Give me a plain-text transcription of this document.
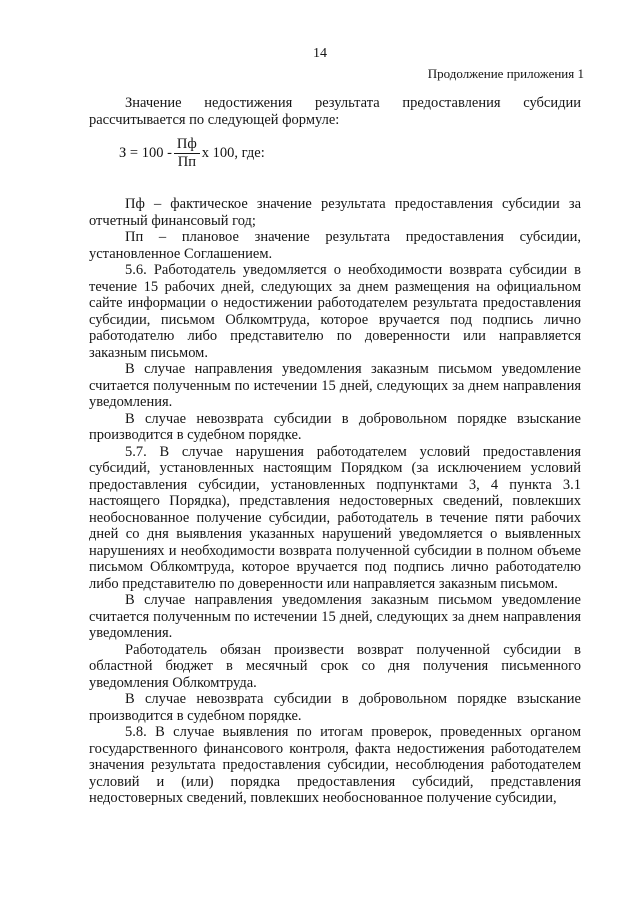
14
Продолжение приложения 1

Значение недостижения результата предоставления субсидии рассчитывается по следующей формуле:

$З = 100 - \frac{Пф}{Пп}$ x 100, где:

Пф – фактическое значение результата предоставления субсидии за отчетный финансовый год;

Пп – плановое значение результата предоставления субсидии, установленное Соглашением.

5.6. Работодатель уведомляется о необходимости возврата субсидии в течение 15 рабочих дней, следующих за днем размещения на официальном сайте информации о недостижении работодателем результата предоставления субсидии, письмом Облкомтруда, которое вручается под подпись лично работодателю либо представителю по доверенности или направляется заказным письмом.

В случае направления уведомления заказным письмом уведомление считается полученным по истечении 15 дней, следующих за днем направления уведомления.

В случае невозврата субсидии в добровольном порядке взыскание производится в судебном порядке.

5.7. В случае нарушения работодателем условий предоставления субсидий, установленных настоящим Порядком (за исключением условий предоставления субсидии, установленных подпунктами 3, 4 пункта 3.1 настоящего Порядка), представления недостоверных сведений, повлекших необоснованное получение субсидии, работодатель в течение пяти рабочих дней со дня выявления указанных нарушений уведомляется о выявленных нарушениях и необходимости возврата полученной субсидии в полном объеме письмом Облкомтруда, которое вручается под подпись лично работодателю либо представителю по доверенности или направляется заказным письмом.

В случае направления уведомления заказным письмом уведомление считается полученным по истечении 15 дней, следующих за днем направления уведомления.

Работодатель обязан произвести возврат полученной субсидии в областной бюджет в месячный срок со дня получения письменного уведомления Облкомтруда.

В случае невозврата субсидии в добровольном порядке взыскание производится в судебном порядке.

5.8. В случае выявления по итогам проверок, проведенных органом государственного финансового контроля, факта недостижения работодателем значения результата предоставления субсидии, несоблюдения работодателем условий и (или) порядка предоставления субсидий, представления недостоверных сведений, повлекших необоснованное получение субсидии,
